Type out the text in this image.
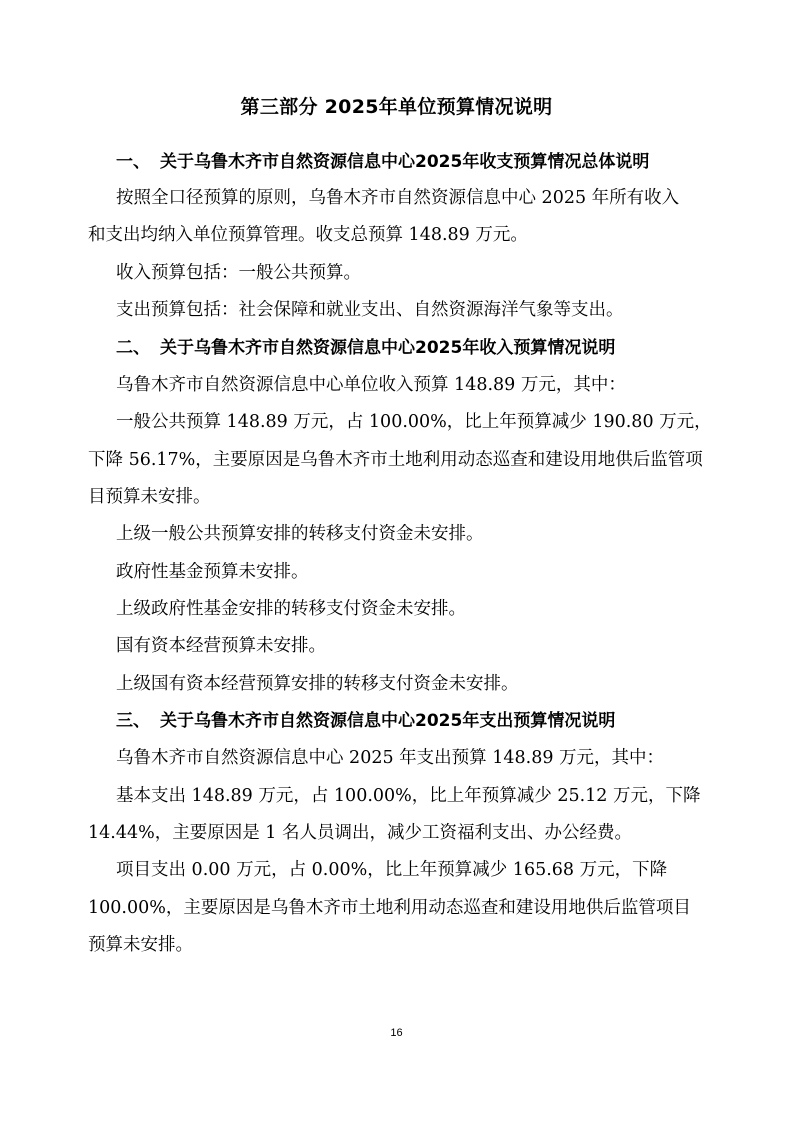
第三部分 2025年单位预算情况说明
一、 关于乌鲁木齐市自然资源信息中心2025年收支预算情况总体说明
按照全口径预算的原则，乌鲁木齐市自然资源信息中心 2025 年所有收入
和支出均纳入单位预算管理。收支总预算 148.89 万元。
收入预算包括：一般公共预算。
支出预算包括：社会保障和就业支出、自然资源海洋气象等支出。
二、 关于乌鲁木齐市自然资源信息中心2025年收入预算情况说明
乌鲁木齐市自然资源信息中心单位收入预算 148.89 万元，其中：
一般公共预算 148.89 万元，占 100.00%，比上年预算减少 190.80 万元，
下降 56.17%，主要原因是乌鲁木齐市土地利用动态巡查和建设用地供后监管项
目预算未安排。
上级一般公共预算安排的转移支付资金未安排。
政府性基金预算未安排。
上级政府性基金安排的转移支付资金未安排。
国有资本经营预算未安排。
上级国有资本经营预算安排的转移支付资金未安排。
三、 关于乌鲁木齐市自然资源信息中心2025年支出预算情况说明
乌鲁木齐市自然资源信息中心 2025 年支出预算 148.89 万元，其中：
基本支出 148.89 万元，占 100.00%，比上年预算减少 25.12 万元，下降
14.44%，主要原因是 1 名人员调出，减少工资福利支出、办公经费。
项目支出 0.00 万元，占 0.00%，比上年预算减少 165.68 万元，下降
100.00%，主要原因是乌鲁木齐市土地利用动态巡查和建设用地供后监管项目
预算未安排。
16
